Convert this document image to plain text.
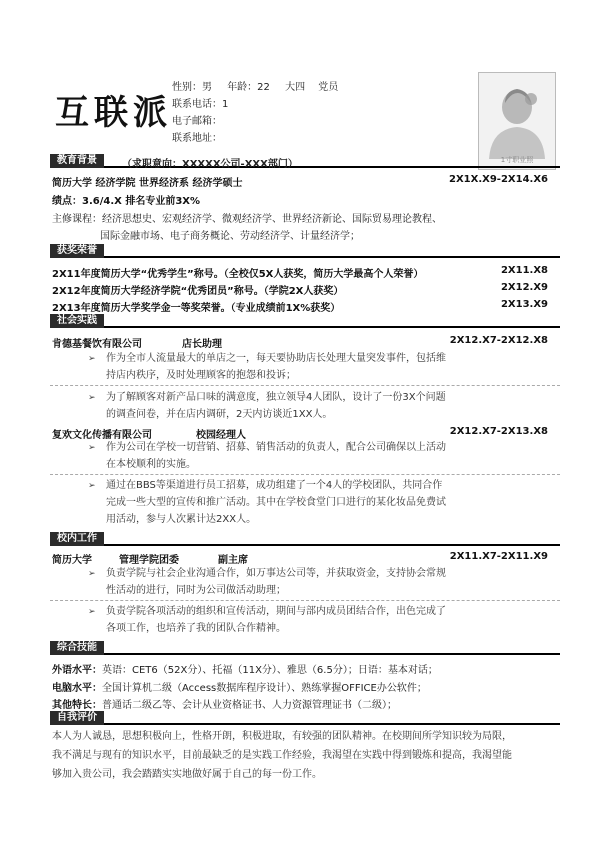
互联派
性别：男 年龄：22 大四 党员
联系电话：1
电子邮箱：
联系地址：
1寸职业照
教育背景	（求职意向：XXXXX公司-XXX部门）
简历大学 经济学院 世界经济系 经济学硕士	2X1X.X9-2X14.X6
绩点：3.6/4.X 排名专业前3X%
主修课程：经济思想史、宏观经济学、微观经济学、世界经济新论、国际贸易理论教程、
国际金融市场、电子商务概论、劳动经济学、计量经济学；
获奖荣誉
2X11年度简历大学“优秀学生”称号。（全校仅5X人获奖，简历大学最高个人荣誉）	2X11.X8
2X12年度简历大学经济学院“优秀团员”称号。（学院2X人获奖）	2X12.X9
2X13年度简历大学奖学金一等奖荣誉。（专业成绩前1X%获奖）	2X13.X9
社会实践
肯德基餐饮有限公司	店长助理	2X12.X7-2X12.X8
➢ 作为全市人流量最大的单店之一，每天要协助店长处理大量突发事件，包括维
持店内秩序，及时处理顾客的抱怨和投诉；
➢ 为了解顾客对新产品口味的满意度，独立领导4人团队，设计了一份3X个问题
的调查问卷，并在店内调研，2天内访谈近1XX人。
复欢文化传播有限公司	校园经理人	2X12.X7-2X13.X8
➢ 作为公司在学校一切营销、招募、销售活动的负责人，配合公司确保以上活动
在本校顺利的实施。
➢ 通过在BBS等渠道进行员工招募，成功组建了一个4人的学校团队，共同合作
完成一些大型的宣传和推广活动。其中在学校食堂门口进行的某化妆品免费试
用活动，参与人次累计达2XX人。
校内工作
简历大学	管理学院团委	副主席	2X11.X7-2X11.X9
➢ 负责学院与社会企业沟通合作，如万事达公司等，并获取资金，支持协会常规
性活动的进行，同时为公司做活动助理；
➢ 负责学院各项活动的组织和宣传活动，期间与部内成员团结合作，出色完成了
各项工作，也培养了我的团队合作精神。
综合技能
外语水平：英语：CET6（52X分）、托福（11X分）、雅思（6.5分）；日语：基本对话；
电脑水平：全国计算机二级（Access数据库程序设计）、熟练掌握OFFICE办公软件；
其他特长：普通话二级乙等、会计从业资格证书、人力资源管理证书（二级）；
自我评价
本人为人诚恳，思想积极向上，性格开朗，积极进取，有较强的团队精神。在校期间所学知识较为局限，
我不满足与现有的知识水平，目前最缺乏的是实践工作经验，我渴望在实践中得到锻炼和提高，我渴望能
够加入贵公司，我会踏踏实实地做好属于自己的每一份工作。
